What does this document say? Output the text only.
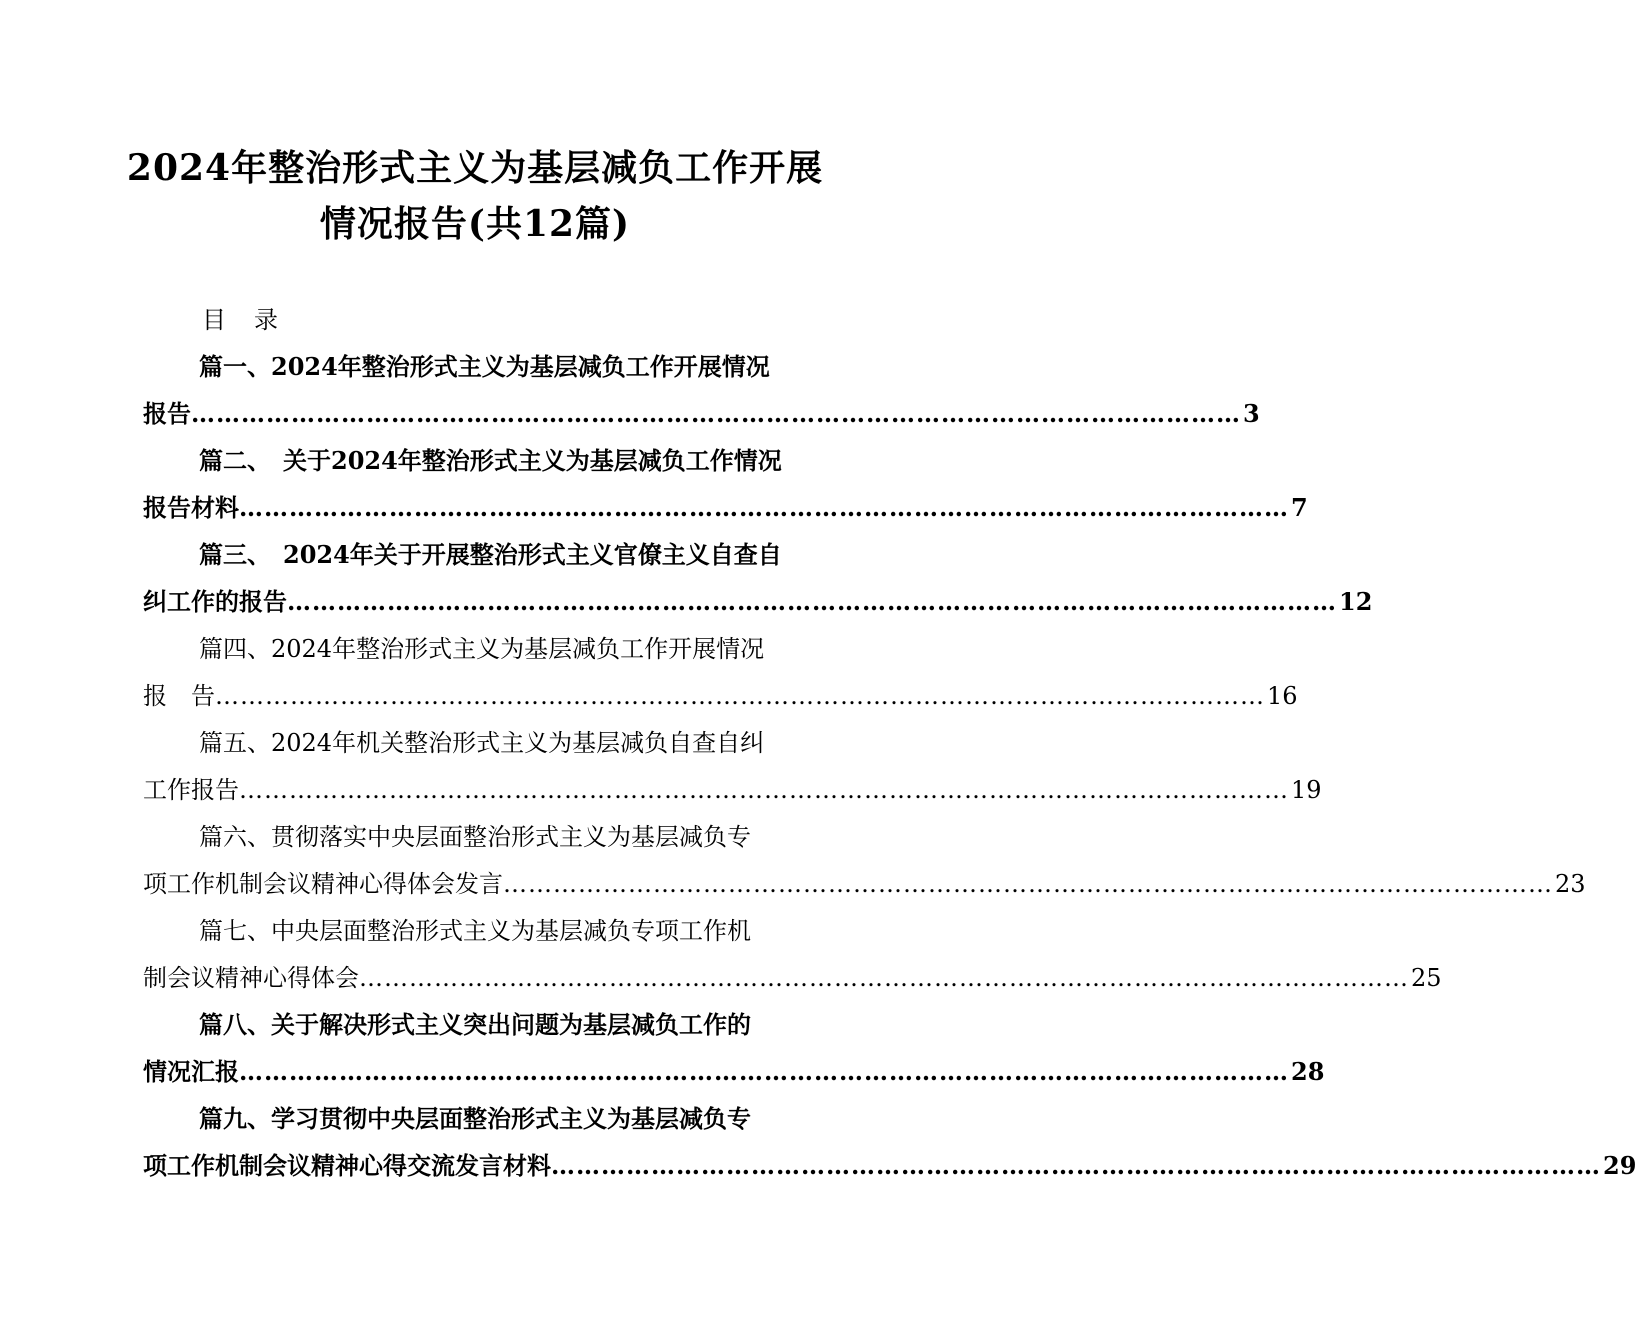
2024年整治形式主义为基层减负工作开展
情况报告(共12篇)
目录
篇一、2024年整治形式主义为基层减负工作开展情况
报告 ……………………………………………………………………………………………………………… 3
篇二、　关于2024年整治形式主义为基层减负工作情况
报告材料 ……………………………………………………………………………………………………………… 7
篇三、　2024年关于开展整治形式主义官僚主义自查自
纠工作的报告 ……………………………………………………………………………………………………………… 12
篇四、2024年整治形式主义为基层减负工作开展情况
报　告 ……………………………………………………………………………………………………………… 16
篇五、2024年机关整治形式主义为基层减负自查自纠
工作报告 ……………………………………………………………………………………………………………… 19
篇六、贯彻落实中央层面整治形式主义为基层减负专
项工作机制会议精神心得体会发言 ……………………………………………………………………………………………………………… 23
篇七、中央层面整治形式主义为基层减负专项工作机
制会议精神心得体会 ……………………………………………………………………………………………………………… 25
篇八、关于解决形式主义突出问题为基层减负工作的
情况汇报 ……………………………………………………………………………………………………………… 28
篇九、学习贯彻中央层面整治形式主义为基层减负专
项工作机制会议精神心得交流发言材料 ……………………………………………………………………………………………………………… 29
